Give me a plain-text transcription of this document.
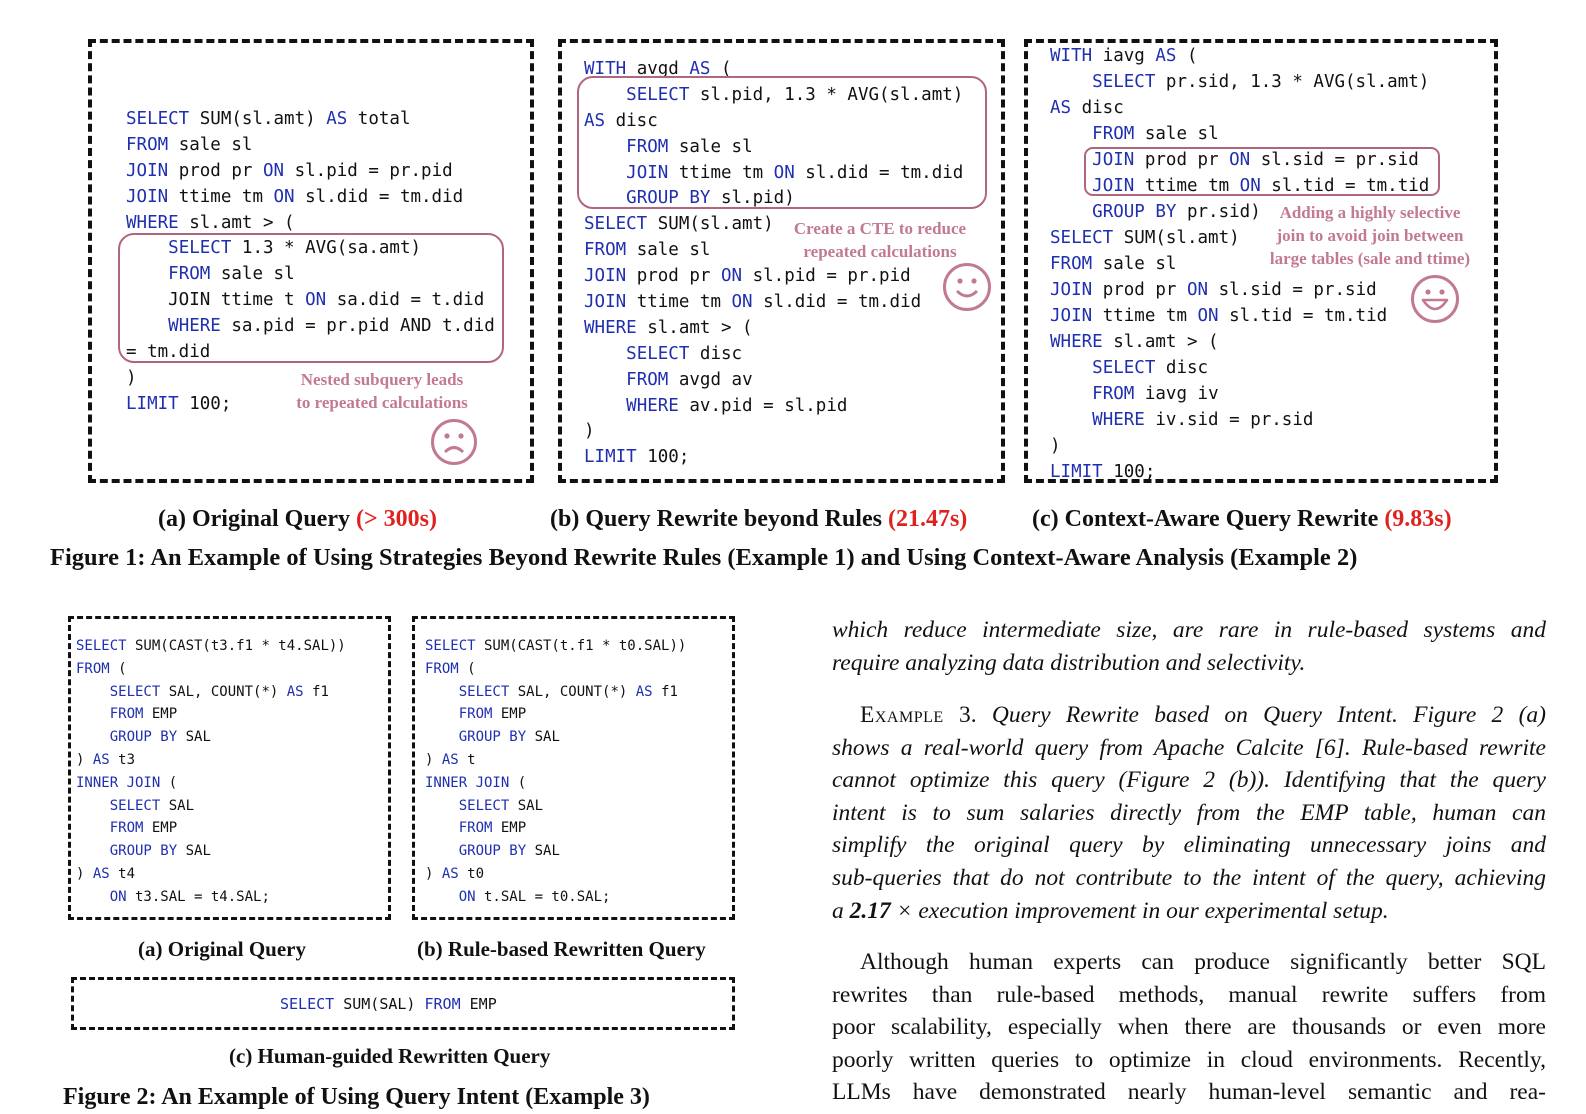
SELECT SUM(sl.amt) AS total
FROM sale sl
JOIN prod pr ON sl.pid = pr.pid
JOIN ttime tm ON sl.did = tm.did
WHERE sl.amt > (
SELECT 1.3 * AVG(sa.amt)
FROM sale sl
JOIN ttime t ON sa.did = t.did
WHERE sa.pid = pr.pid AND t.did
= tm.did
)
LIMIT 100;
Nested subquery leads
to repeated calculations
WITH avgd AS (
SELECT sl.pid, 1.3 * AVG(sl.amt)
AS disc
FROM sale sl
JOIN ttime tm ON sl.did = tm.did
GROUP BY sl.pid)
SELECT SUM(sl.amt)
FROM sale sl
JOIN prod pr ON sl.pid = pr.pid
JOIN ttime tm ON sl.did = tm.did
WHERE sl.amt > (
SELECT disc
FROM avgd av
WHERE av.pid = sl.pid
)
LIMIT 100;
Create a CTE to reduce
repeated calculations
WITH iavg AS (
SELECT pr.sid, 1.3 * AVG(sl.amt)
AS disc
FROM sale sl
JOIN prod pr ON sl.sid = pr.sid
JOIN ttime tm ON sl.tid = tm.tid
GROUP BY pr.sid)
SELECT SUM(sl.amt)
FROM sale sl
JOIN prod pr ON sl.sid = pr.sid
JOIN ttime tm ON sl.tid = tm.tid
WHERE sl.amt > (
SELECT disc
FROM iavg iv
WHERE iv.sid = pr.sid
)
LIMIT 100;
Adding a highly selective
join to avoid join between
large tables (sale and ttime)
(a) Original Query (> 300s)	(b) Query Rewrite beyond Rules (21.47s)	(c) Context-Aware Query Rewrite (9.83s)
Figure 1: An Example of Using Strategies Beyond Rewrite Rules (Example 1) and Using Context-Aware Analysis (Example 2)
SELECT SUM(CAST(t3.f1 * t4.SAL))
FROM (
SELECT SAL, COUNT(*) AS f1
FROM EMP
GROUP BY SAL
) AS t3
INNER JOIN (
SELECT SAL
FROM EMP
GROUP BY SAL
) AS t4
ON t3.SAL = t4.SAL;
SELECT SUM(CAST(t.f1 * t0.SAL))
FROM (
SELECT SAL, COUNT(*) AS f1
FROM EMP
GROUP BY SAL
) AS t
INNER JOIN (
SELECT SAL
FROM EMP
GROUP BY SAL
) AS t0
ON t.SAL = t0.SAL;
(a) Original Query	(b) Rule-based Rewritten Query
SELECT SUM(SAL) FROM EMP
(c) Human-guided Rewritten Query
Figure 2: An Example of Using Query Intent (Example 3)
which reduce intermediate size, are rare in rule-based systems and
require analyzing data distribution and selectivity.
Example 3. Query Rewrite based on Query Intent. Figure 2 (a)
shows a real-world query from Apache Calcite [6]. Rule-based rewrite
cannot optimize this query (Figure 2 (b)). Identifying that the query
intent is to sum salaries directly from the EMP table, human can
simplify the original query by eliminating unnecessary joins and
sub-queries that do not contribute to the intent of the query, achieving
a 2.17 × execution improvement in our experimental setup.
Although human experts can produce significantly better SQL
rewrites than rule-based methods, manual rewrite suffers from
poor scalability, especially when there are thousands or even more
poorly written queries to optimize in cloud environments. Recently,
LLMs have demonstrated nearly human-level semantic and rea-
